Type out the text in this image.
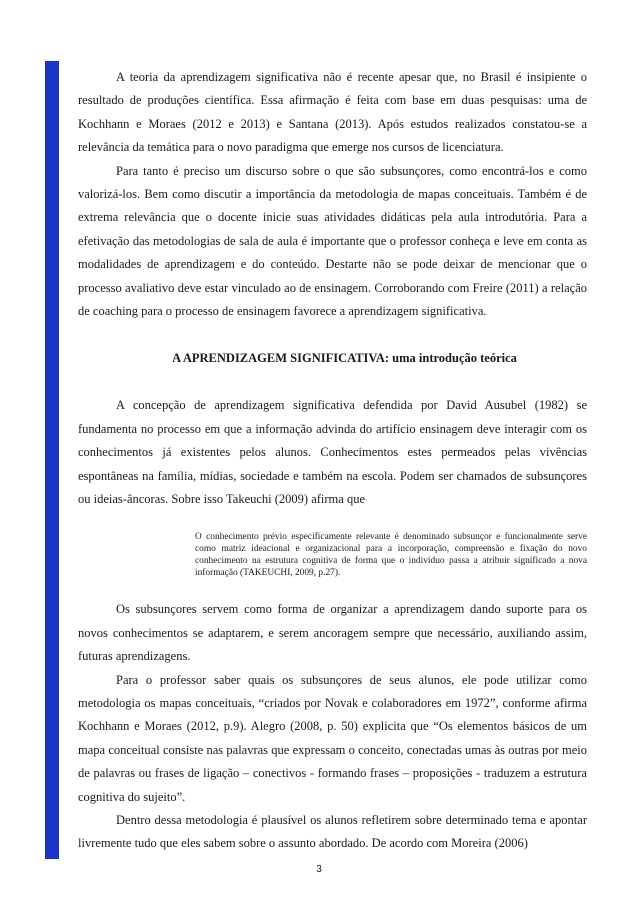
A teoria da aprendizagem significativa não é recente apesar que, no Brasil é insipiente o resultado de produções científica. Essa afirmação é feita com base em duas pesquisas: uma de Kochhann e Moraes (2012 e 2013) e Santana (2013). Após estudos realizados constatou-se a relevância da temática para o novo paradigma que emerge nos cursos de licenciatura.

Para tanto é preciso um discurso sobre o que são subsunçores, como encontrá-los e como valorizá-los. Bem como discutir a importância da metodologia de mapas conceituais. Também é de extrema relevância que o docente inicie suas atividades didáticas pela aula introdutória. Para a efetivação das metodologias de sala de aula é importante que o professor conheça e leve em conta as modalidades de aprendizagem e do conteúdo. Destarte não se pode deixar de mencionar que o processo avaliativo deve estar vinculado ao de ensinagem. Corroborando com Freire (2011) a relação de coaching para o processo de ensinagem favorece a aprendizagem significativa.

A APRENDIZAGEM SIGNIFICATIVA: uma introdução teórica

A concepção de aprendizagem significativa defendida por David Ausubel (1982) se fundamenta no processo em que a informação advinda do artifício ensinagem deve interagir com os conhecimentos já existentes pelos alunos. Conhecimentos estes permeados pelas vivências espontâneas na família, mídias, sociedade e também na escola. Podem ser chamados de subsunçores ou ideias-âncoras. Sobre isso Takeuchi (2009) afirma que

O conhecimento prévio especificamente relevante é denominado subsunçor e funcionalmente serve como matriz ideacional e organizacional para a incorporação, compreensão e fixação do novo conhecimento na estrutura cognitiva de forma que o indivíduo passa a atribuir significado a nova informação (TAKEUCHI, 2009, p.27).

Os subsunçores servem como forma de organizar a aprendizagem dando suporte para os novos conhecimentos se adaptarem, e serem ancoragem sempre que necessário, auxiliando assim, futuras aprendizagens.

Para o professor saber quais os subsunçores de seus alunos, ele pode utilizar como metodologia os mapas conceituais, “criados por Novak e colaboradores em 1972”, conforme afirma Kochhann e Moraes (2012, p.9). Alegro (2008, p. 50) explicita que “Os elementos básicos de um mapa conceitual consiste nas palavras que expressam o conceito, conectadas umas às outras por meio de palavras ou frases de ligação – conectivos - formando frases – proposições - traduzem a estrutura cognitiva do sujeito”.

Dentro dessa metodologia é plausível os alunos refletirem sobre determinado tema e apontar livremente tudo que eles sabem sobre o assunto abordado. De acordo com Moreira (2006)

3
